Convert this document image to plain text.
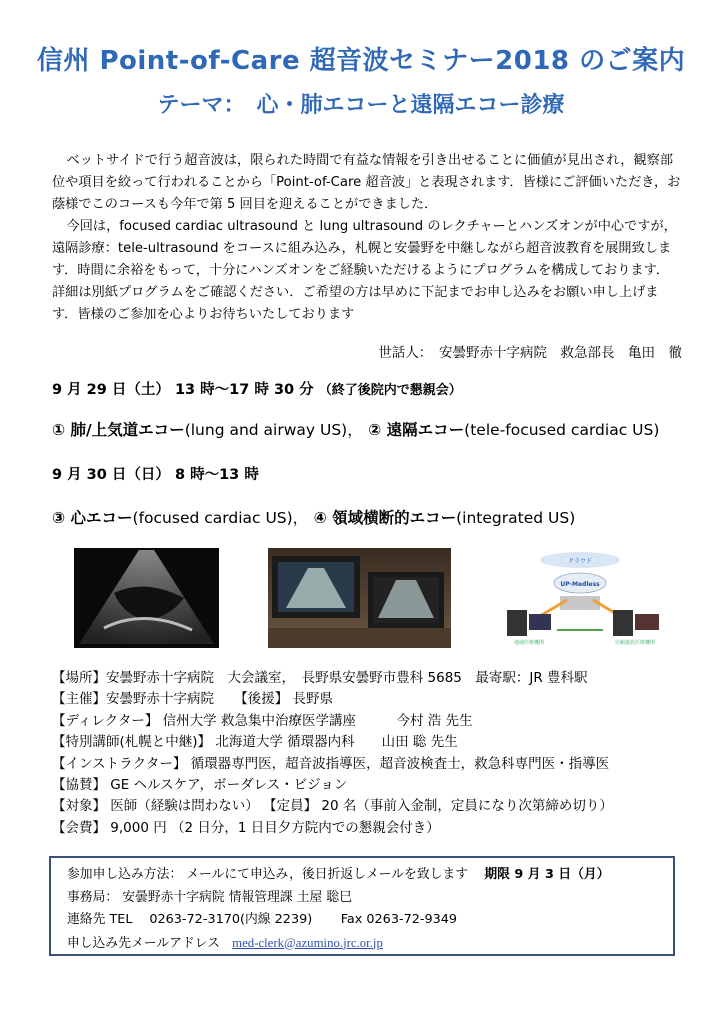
信州 Point-of-Care 超音波セミナー2018 のご案内
テーマ：　心・肺エコーと遠隔エコー診療

ベットサイドで行う超音波は，限られた時間で有益な情報を引き出せることに価値が見出され，観察部位や項目を絞って行われることから「Point-of-Care 超音波」と表現されます．皆様にご評価いただき，お蔭様でこのコースも今年で第 5 回目を迎えることができました．

今回は，focused cardiac ultrasound と lung ultrasound のレクチャーとハンズオンが中心ですが，遠隔診療：tele-ultrasound をコースに組み込み，札幌と安曇野を中継しながら超音波教育を展開致します．時間に余裕をもって，十分にハンズオンをご経験いただけるようにプログラムを構成しております．詳細は別紙プログラムをご確認ください．ご希望の方は早めに下記までお申し込みをお願い申し上げます．皆様のご参加を心よりお待ちいたしております

世話人：　安曇野赤十字病院　救急部長　亀田　徹
9 月 29 日（土） 13 時～17 時 30 分 （終了後院内で懇親会）
① 肺/上気道エコー(lung and airway US)， ② 遠隔エコー(tele-focused cardiac US)
9 月 30 日（日） 8 時～13 時
③ 心エコー(focused cardiac US)， ④ 領域横断的エコー(integrated US)
クラウド
UP-Medless
地域医療機関	信頼施設医療機関
【場所】安曇野赤十字病院　大会議室，　長野県安曇野市豊科 5685　最寄駅：JR 豊科駅
【主催】安曇野赤十字病院　　【後援】 長野県
【ディレクター】 信州大学 救急集中治療医学講座　　　今村 浩 先生
【特別講師(札幌と中継)】 北海道大学 循環器内科　　山田 聡 先生
【インストラクター】 循環器専門医，超音波指導医，超音波検査士，救急科専門医・指導医
【協賛】 GE ヘルスケア，ボーダレス・ビジョン
【対象】 医師（経験は問わない） 【定員】 20 名（事前入金制，定員になり次第締め切り）
【会費】 9,000 円 （2 日分，1 日目夕方院内での懇親会付き）
参加申し込み方法： メールにて申込み，後日折返しメールを致します 期限 9 月 3 日（月）
事務局： 安曇野赤十字病院 情報管理課 土屋 聡巳
連絡先 TEL　 0263-72-3170(内線 2239) Fax 0263-72-9349
申し込み先メールアドレス med-clerk@azumino.jrc.or.jp
